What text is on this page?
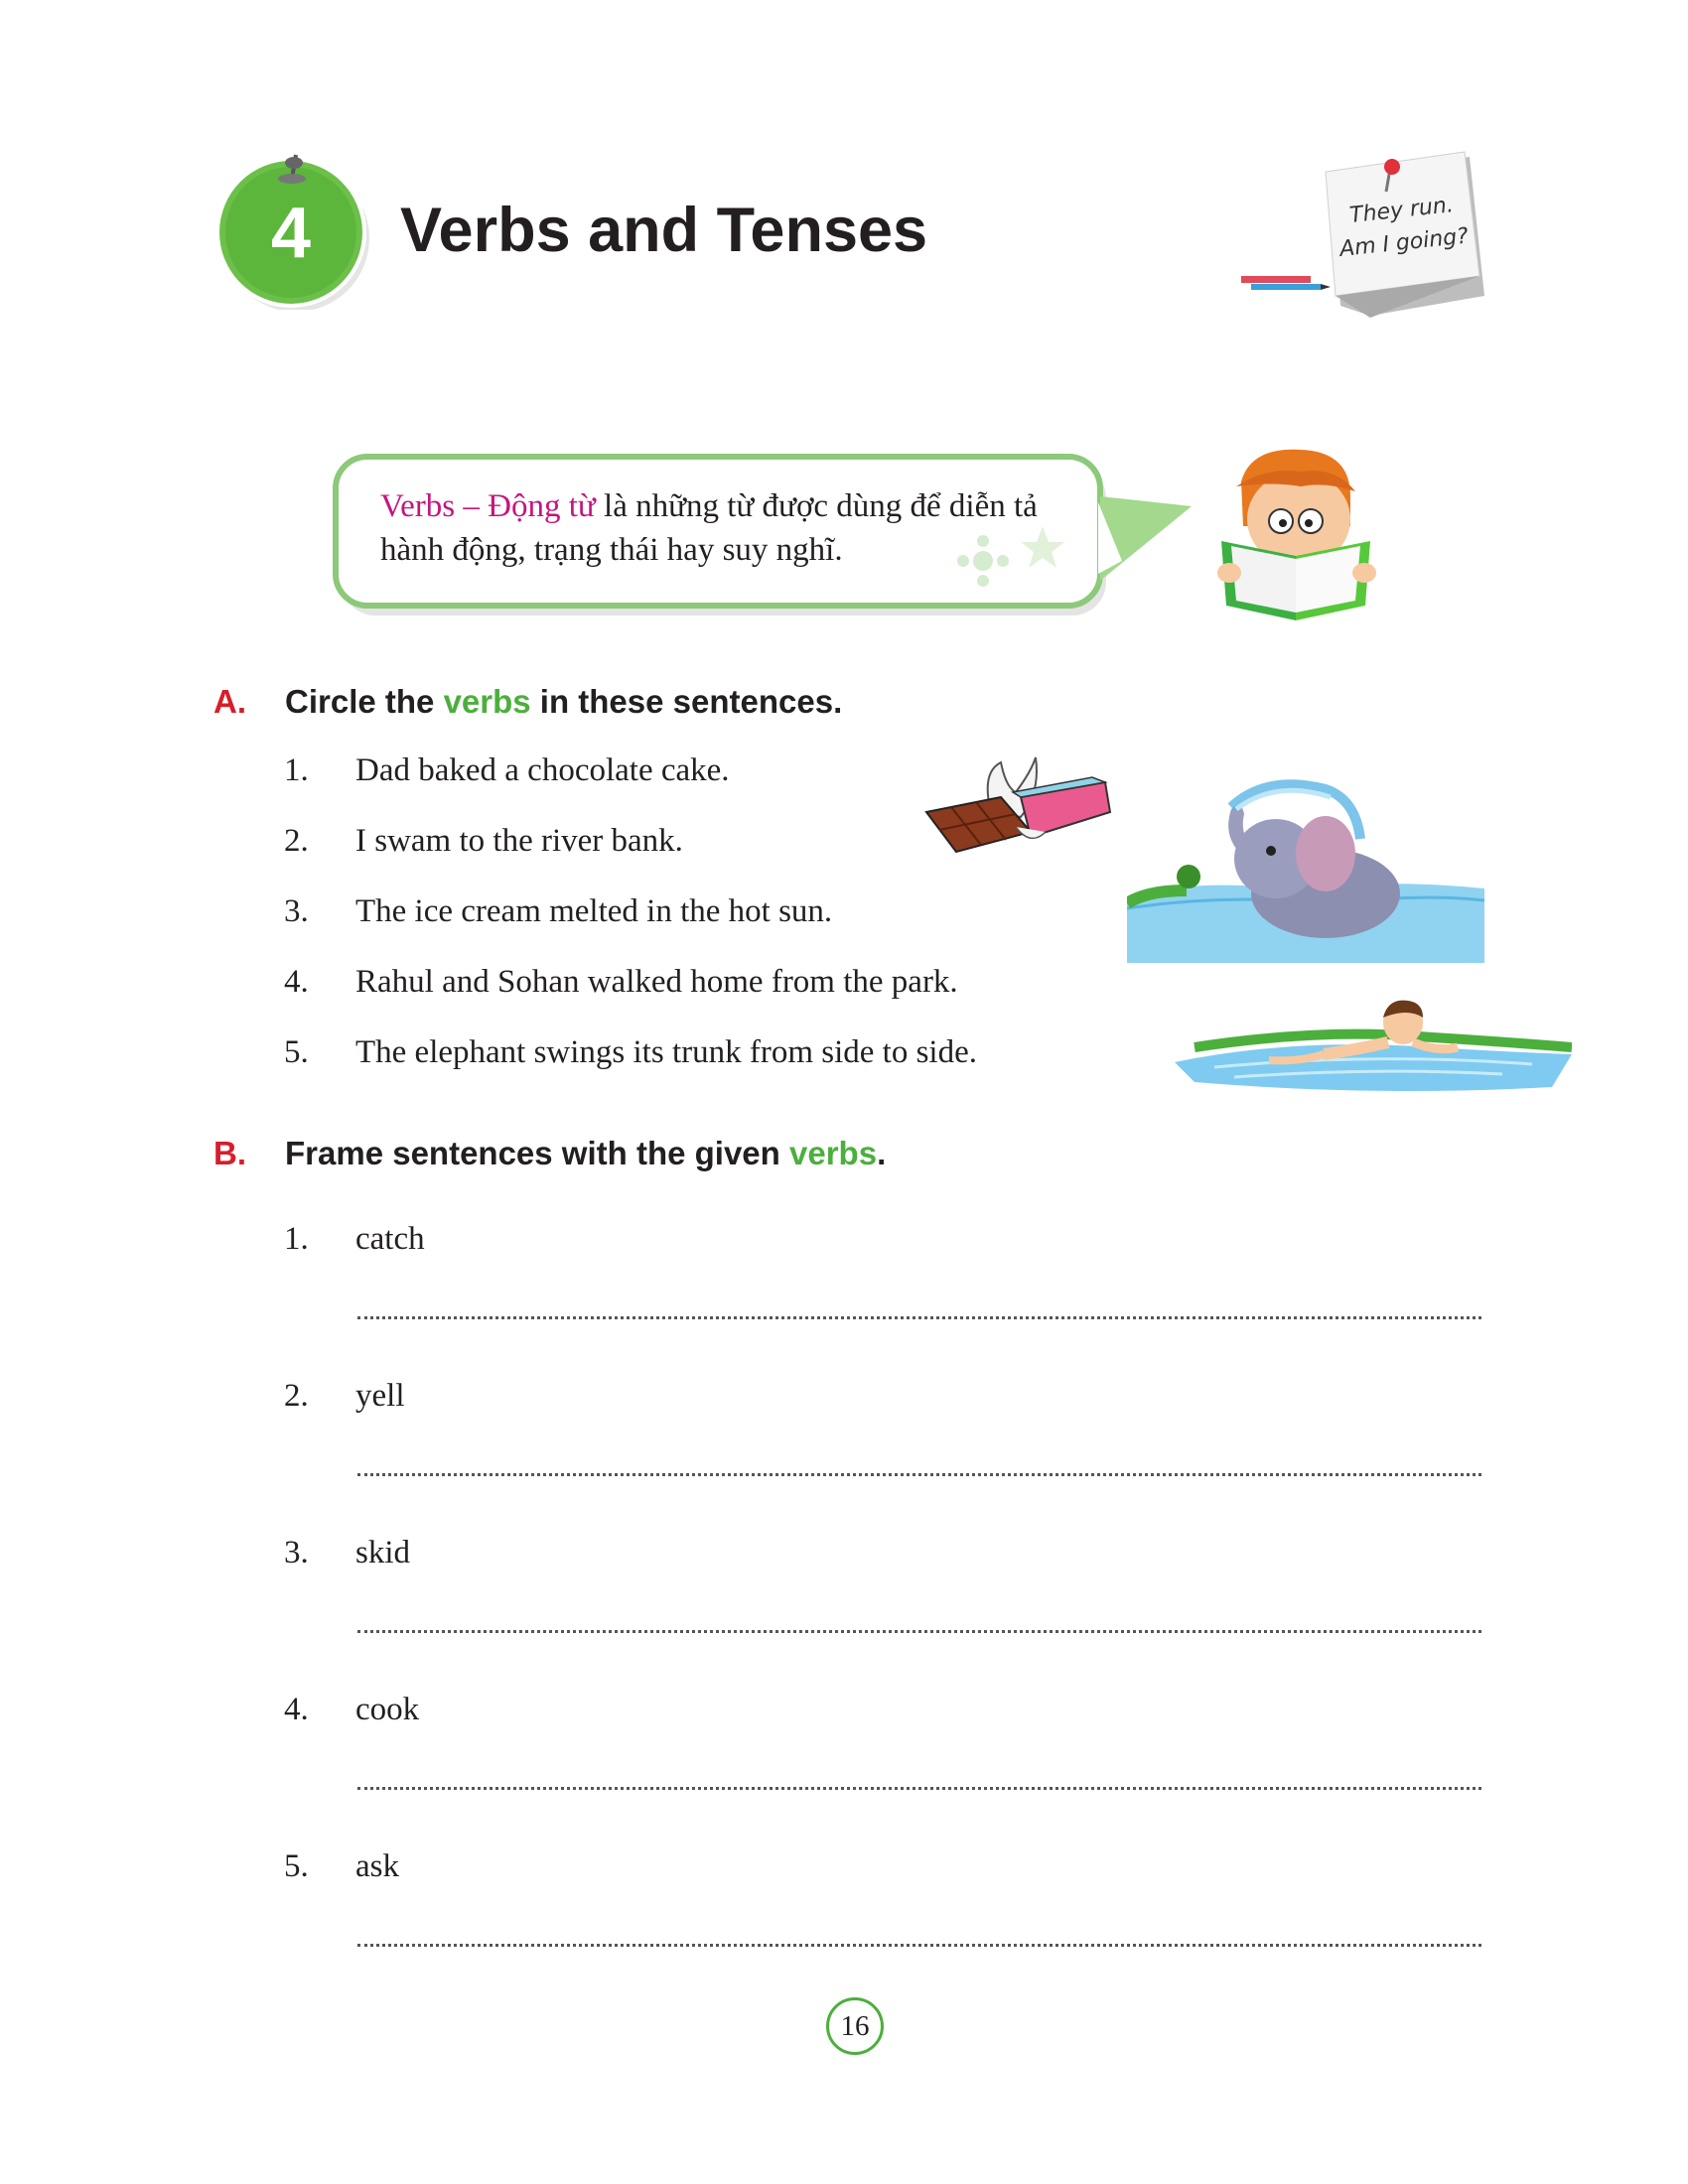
4 Verbs and Tenses	They run.
Am I going?
Verbs – Động từ là những từ được dùng để diễn tả hành động, trạng thái hay suy nghĩ.
A. Circle the verbs in these sentences.
1. Dad baked a chocolate cake.
2. I swam to the river bank.
3. The ice cream melted in the hot sun.
4. Rahul and Sohan walked home from the park.
5. The elephant swings its trunk from side to side.
B. Frame sentences with the given verbs.
1. catch
2. yell
3. skid
4. cook
5. ask
16
